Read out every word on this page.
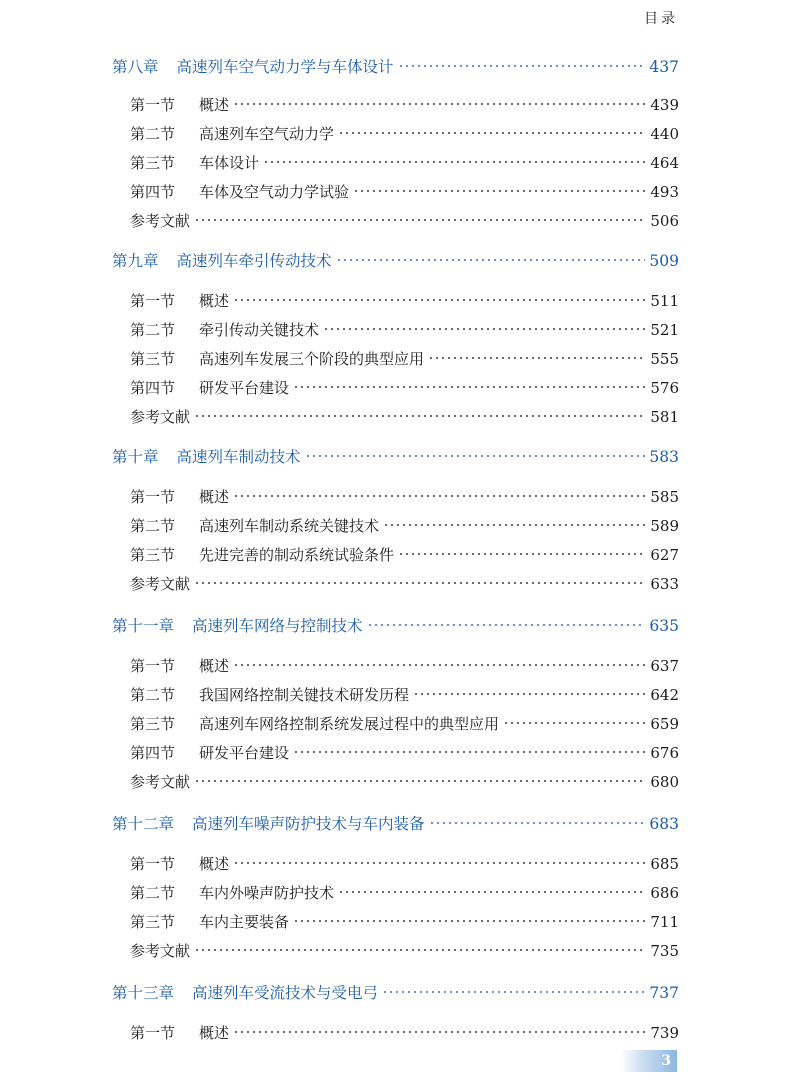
目录
第八章 高速列车空气动力学与车体设计	437
第一节 概述	439
第二节 高速列车空气动力学	440
第三节 车体设计	464
第四节 车体及空气动力学试验	493
参考文献	506
第九章 高速列车牵引传动技术	509
第一节 概述	511
第二节 牵引传动关键技术	521
第三节 高速列车发展三个阶段的典型应用	555
第四节 研发平台建设	576
参考文献	581
第十章 高速列车制动技术	583
第一节 概述	585
第二节 高速列车制动系统关键技术	589
第三节 先进完善的制动系统试验条件	627
参考文献	633
第十一章 高速列车网络与控制技术	635
第一节 概述	637
第二节 我国网络控制关键技术研发历程	642
第三节 高速列车网络控制系统发展过程中的典型应用	659
第四节 研发平台建设	676
参考文献	680
第十二章 高速列车噪声防护技术与车内装备	683
第一节 概述	685
第二节 车内外噪声防护技术	686
第三节 车内主要装备	711
参考文献	735
第十三章 高速列车受流技术与受电弓	737
第一节 概述	739
3
